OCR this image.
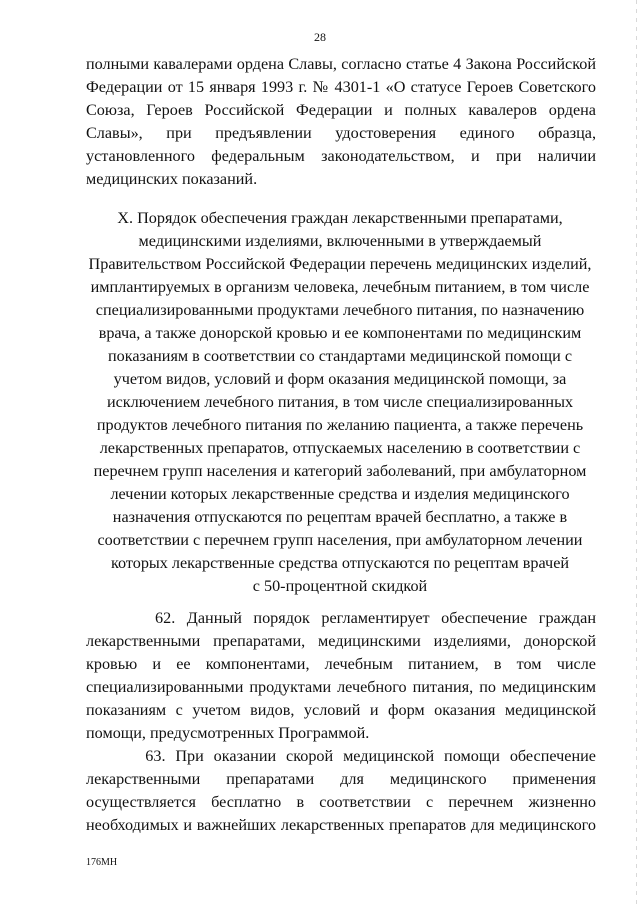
28
полными кавалерами ордена Славы, согласно статье 4 Закона Российской
Федерации от 15 января 1993 г. № 4301-1 «О статусе Героев Советского
Союза, Героев Российской Федерации и полных кавалеров ордена
Славы», при предъявлении удостоверения единого образца,
установленного федеральным законодательством, и при наличии
медицинских показаний.
X. Порядок обеспечения граждан лекарственными препаратами,
медицинскими изделиями, включенными в утверждаемый
Правительством Российской Федерации перечень медицинских изделий,
имплантируемых в организм человека, лечебным питанием, в том числе
специализированными продуктами лечебного питания, по назначению
врача, а также донорской кровью и ее компонентами по медицинским
показаниям в соответствии со стандартами медицинской помощи с
учетом видов, условий и форм оказания медицинской помощи, за
исключением лечебного питания, в том числе специализированных
продуктов лечебного питания по желанию пациента, а также перечень
лекарственных препаратов, отпускаемых населению в соответствии с
перечнем групп населения и категорий заболеваний, при амбулаторном
лечении которых лекарственные средства и изделия медицинского
назначения отпускаются по рецептам врачей бесплатно, а также в
соответствии с перечнем групп населения, при амбулаторном лечении
которых лекарственные средства отпускаются по рецептам врачей
с 50-процентной скидкой
62. Данный порядок регламентирует обеспечение граждан
лекарственными препаратами, медицинскими изделиями, донорской
кровью и ее компонентами, лечебным питанием, в том числе
специализированными продуктами лечебного питания, по медицинским
показаниям с учетом видов, условий и форм оказания медицинской
помощи, предусмотренных Программой.
63. При оказании скорой медицинской помощи обеспечение
лекарственными препаратами для медицинского применения
осуществляется бесплатно в соответствии с перечнем жизненно
необходимых и важнейших лекарственных препаратов для медицинского
176МН
